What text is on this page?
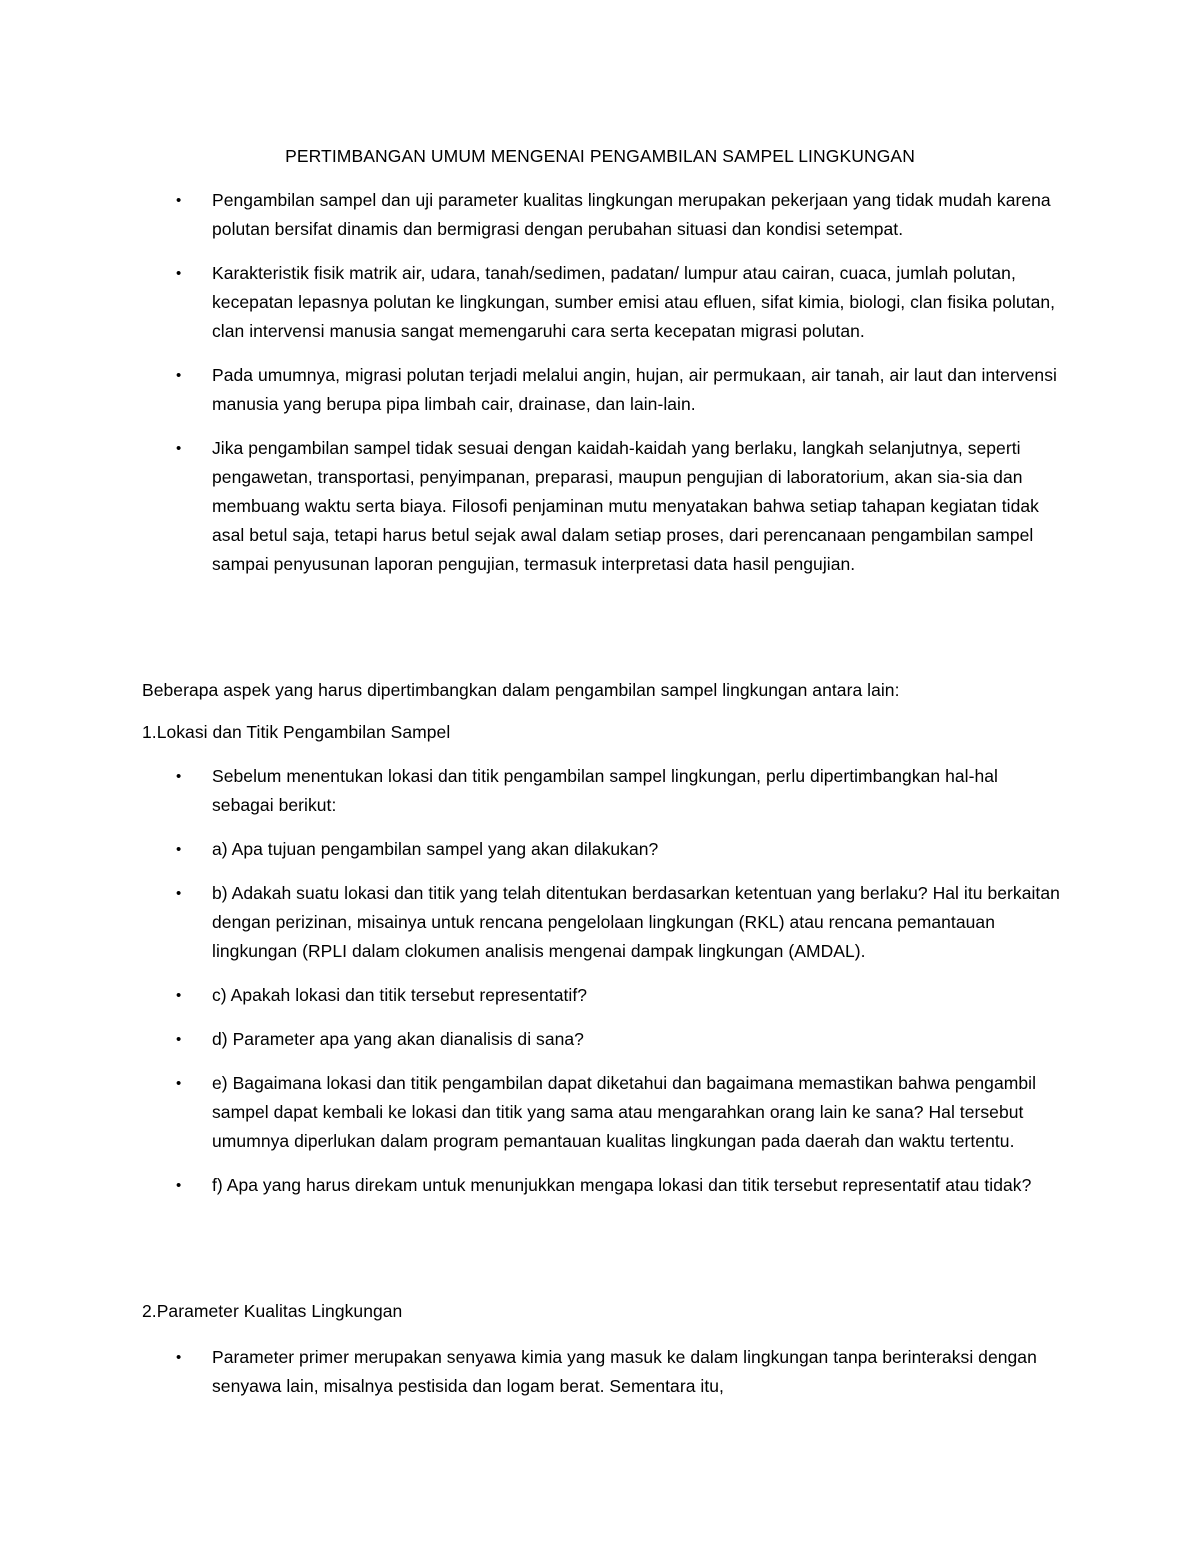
PERTIMBANGAN UMUM MENGENAI PENGAMBILAN SAMPEL LINGKUNGAN
• Pengambilan sampel dan uji parameter kualitas lingkungan merupakan pekerjaan yang tidak mudah karena polutan bersifat dinamis dan bermigrasi dengan perubahan situasi dan kondisi setempat.
• Karakteristik fisik matrik air, udara, tanah/sedimen, padatan/ lumpur atau cairan, cuaca, jumlah polutan, kecepatan lepasnya polutan ke lingkungan, sumber emisi atau efluen, sifat kimia, biologi, clan fisika polutan, clan intervensi manusia sangat memengaruhi cara serta kecepatan migrasi polutan.
• Pada umumnya, migrasi polutan terjadi melalui angin, hujan, air permukaan, air tanah, air laut dan intervensi manusia yang berupa pipa limbah cair, drainase, dan lain-lain.
• Jika pengambilan sampel tidak sesuai dengan kaidah-kaidah yang berlaku, langkah selanjutnya, seperti pengawetan, transportasi, penyimpanan, preparasi, maupun pengujian di laboratorium, akan sia-sia dan membuang waktu serta biaya. Filosofi penjaminan mutu menyatakan bahwa setiap tahapan kegiatan tidak asal betul saja, tetapi harus betul sejak awal dalam setiap proses, dari perencanaan pengambilan sampel sampai penyusunan laporan pengujian, termasuk interpretasi data hasil pengujian.

Beberapa aspek yang harus dipertimbangkan dalam pengambilan sampel lingkungan antara lain:

1.Lokasi dan Titik Pengambilan Sampel

• Sebelum menentukan lokasi dan titik pengambilan sampel lingkungan, perlu dipertimbangkan hal-hal sebagai berikut:
• a) Apa tujuan pengambilan sampel yang akan dilakukan?
• b) Adakah suatu lokasi dan titik yang telah ditentukan berdasarkan ketentuan yang berlaku? Hal itu berkaitan dengan perizinan, misainya untuk rencana pengelolaan lingkungan (RKL) atau rencana pemantauan lingkungan (RPLI dalam clokumen analisis mengenai dampak lingkungan (AMDAL).
• c) Apakah lokasi dan titik tersebut representatif?
• d) Parameter apa yang akan dianalisis di sana?
• e) Bagaimana lokasi dan titik pengambilan dapat diketahui dan bagaimana memastikan bahwa pengambil sampel dapat kembali ke lokasi dan titik yang sama atau mengarahkan orang lain ke sana? Hal tersebut umumnya diperlukan dalam program pemantauan kualitas lingkungan pada daerah dan waktu tertentu.
• f) Apa yang harus direkam untuk menunjukkan mengapa lokasi dan titik tersebut representatif atau tidak?

2.Parameter Kualitas Lingkungan

• Parameter primer merupakan senyawa kimia yang masuk ke dalam lingkungan tanpa berinteraksi dengan senyawa lain, misalnya pestisida dan logam berat. Sementara itu,
